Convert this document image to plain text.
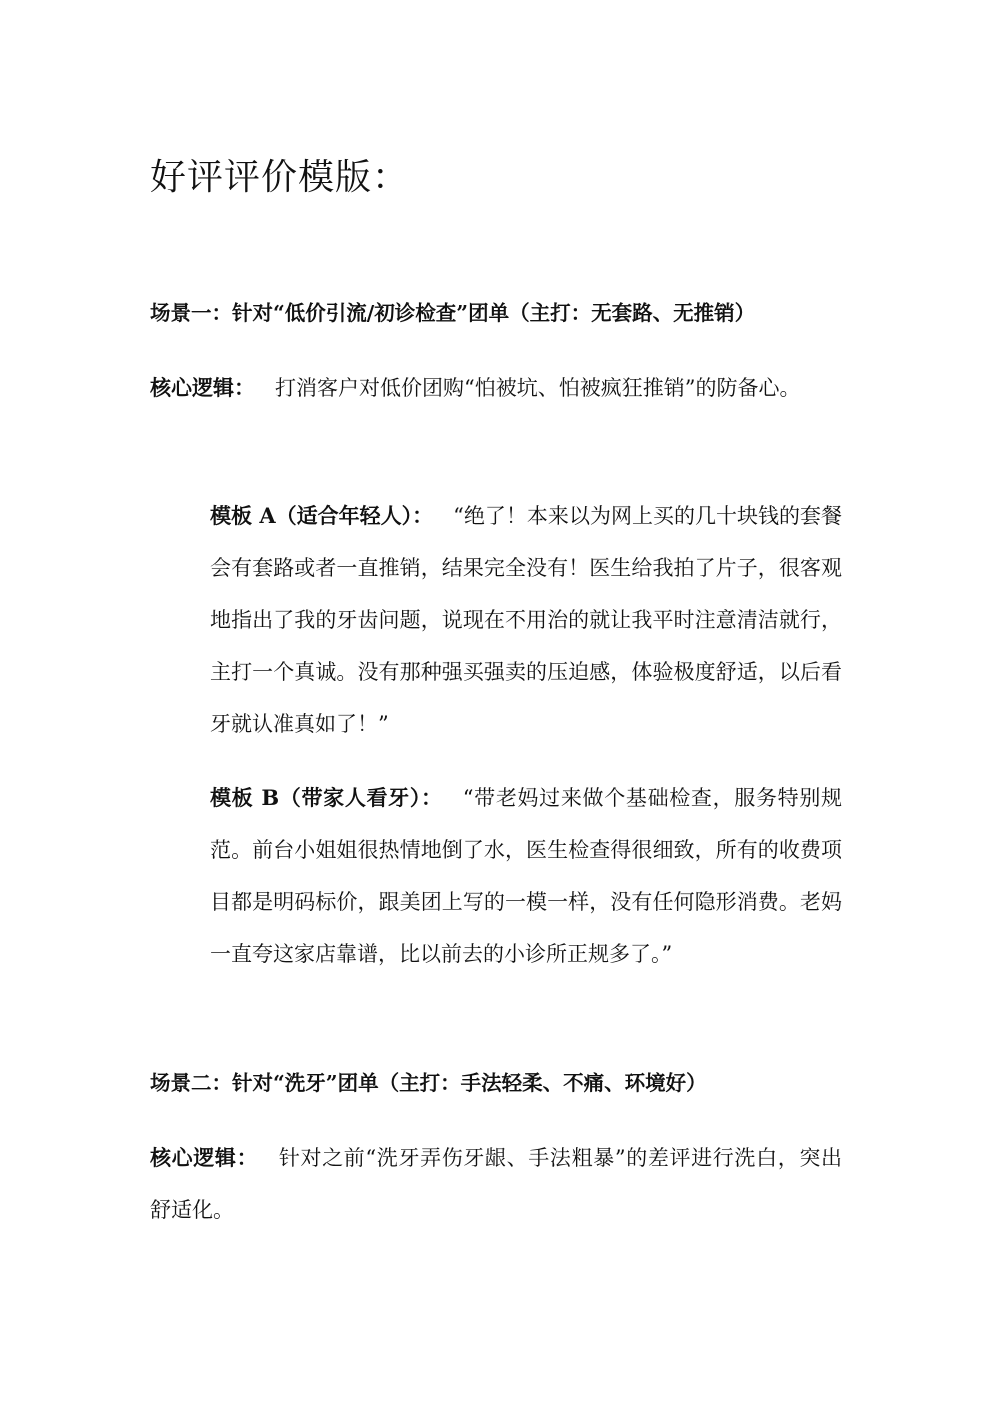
好评评价模版：
场景一：针对“低价引流/初诊检查”团单（主打：无套路、无推销）

核心逻辑： 打消客户对低价团购“怕被坑、怕被疯狂推销”的防备心。

模板 A（适合年轻人）： “绝了！本来以为网上买的几十块钱的套餐会有套路或者一直推销，结果完全没有！医生给我拍了片子，很客观地指出了我的牙齿问题，说现在不用治的就让我平时注意清洁就行，主打一个真诚。没有那种强买强卖的压迫感，体验极度舒适，以后看牙就认准真如了！”

模板 B（带家人看牙）： “带老妈过来做个基础检查，服务特别规范。前台小姐姐很热情地倒了水，医生检查得很细致，所有的收费项目都是明码标价，跟美团上写的一模一样，没有任何隐形消费。老妈一直夸这家店靠谱，比以前去的小诊所正规多了。”

场景二：针对“洗牙”团单（主打：手法轻柔、不痛、环境好）

核心逻辑： 针对之前“洗牙弄伤牙龈、手法粗暴”的差评进行洗白，突出舒适化。
